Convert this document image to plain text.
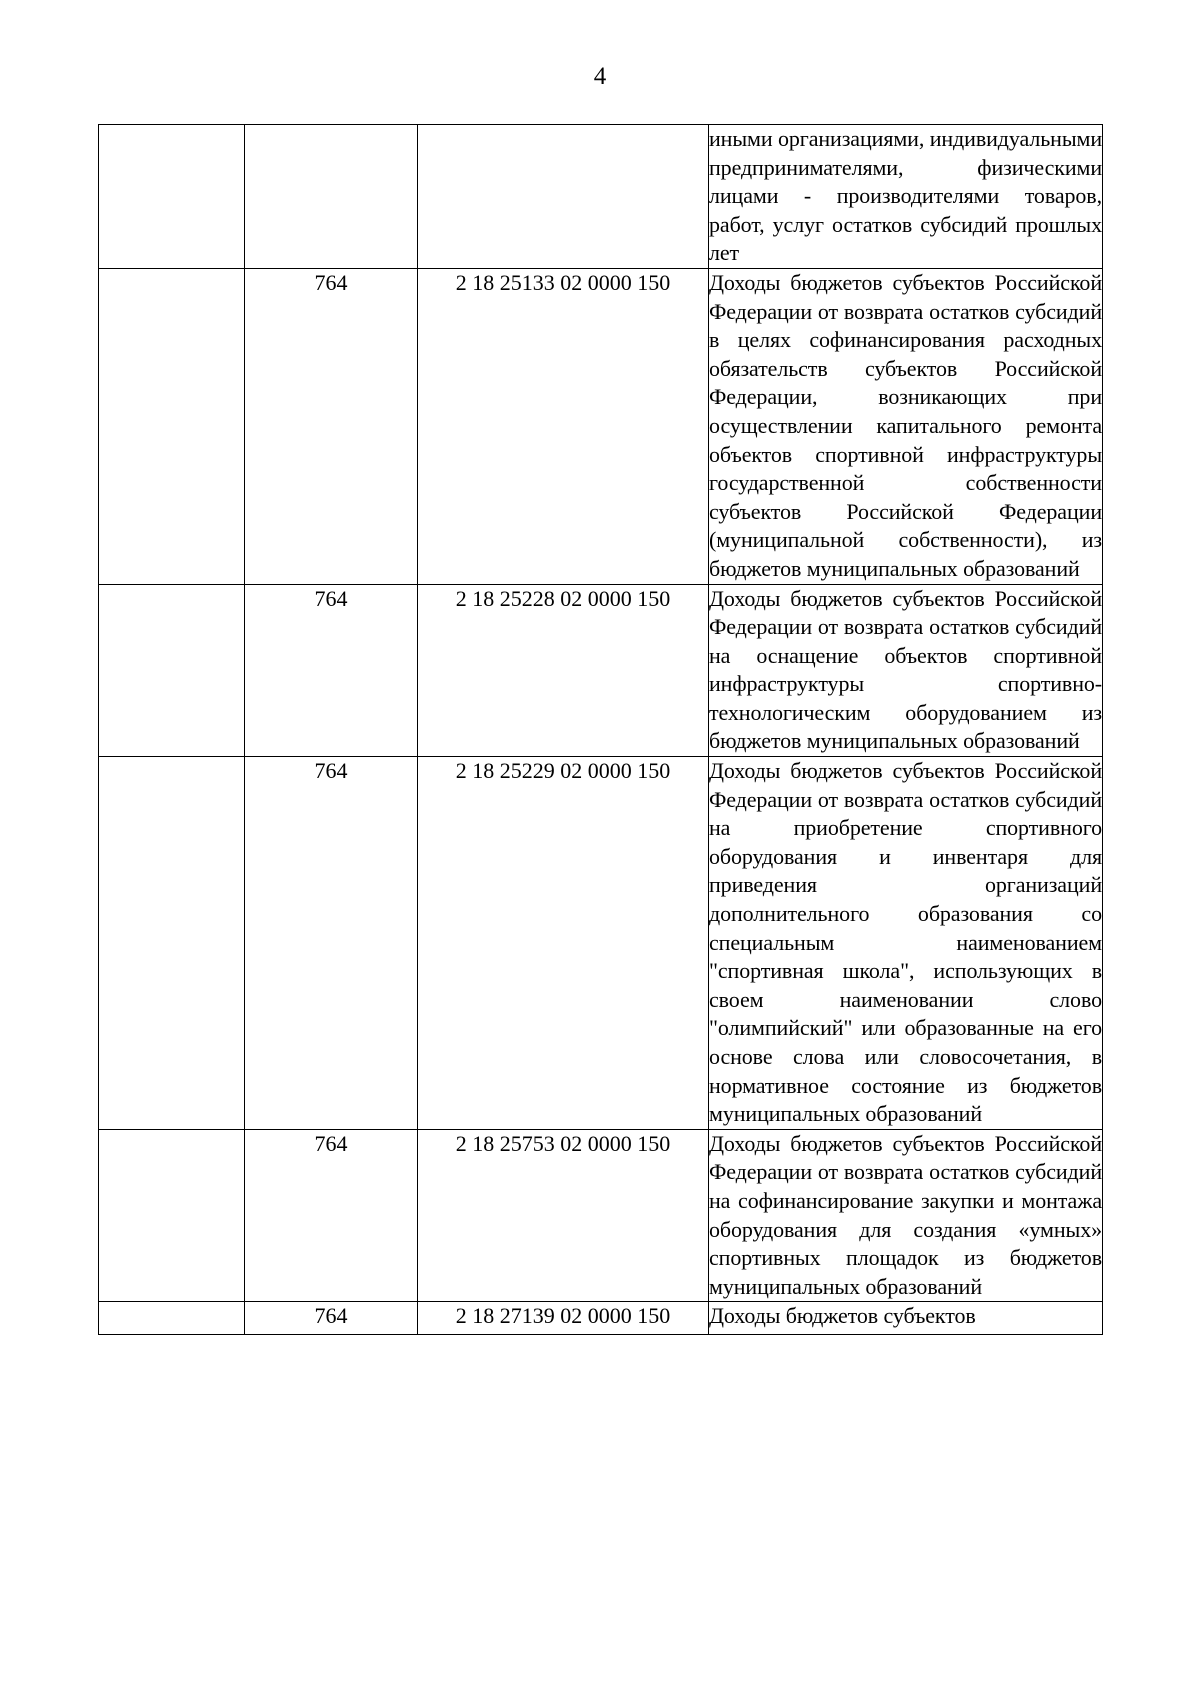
4

			иными организациями, индивидуальными предпринимателями, физическими лицами - производителями товаров, работ, услуг остатков субсидий прошлых лет

	764	2 18 25133 02 0000 150	Доходы бюджетов субъектов Российской Федерации от возврата остатков субсидий в целях софинансирования расходных обязательств субъектов Российской Федерации, возникающих при осуществлении капитального ремонта объектов спортивной инфраструктуры государственной собственности субъектов Российской Федерации (муниципальной собственности), из бюджетов муниципальных образований

	764	2 18 25228 02 0000 150	Доходы бюджетов субъектов Российской Федерации от возврата остатков субсидий на оснащение объектов спортивной инфраструктуры спортивно-технологическим оборудованием из бюджетов муниципальных образований

	764	2 18 25229 02 0000 150	Доходы бюджетов субъектов Российской Федерации от возврата остатков субсидий на приобретение спортивного оборудования и инвентаря для приведения организаций дополнительного образования со специальным наименованием "спортивная школа", использующих в своем наименовании слово "олимпийский" или образованные на его основе слова или словосочетания, в нормативное состояние из бюджетов муниципальных образований

	764	2 18 25753 02 0000 150	Доходы бюджетов субъектов Российской Федерации от возврата остатков субсидий на софинансирование закупки и монтажа оборудования для создания «умных» спортивных площадок из бюджетов муниципальных образований

	764	2 18 27139 02 0000 150	Доходы бюджетов субъектов
